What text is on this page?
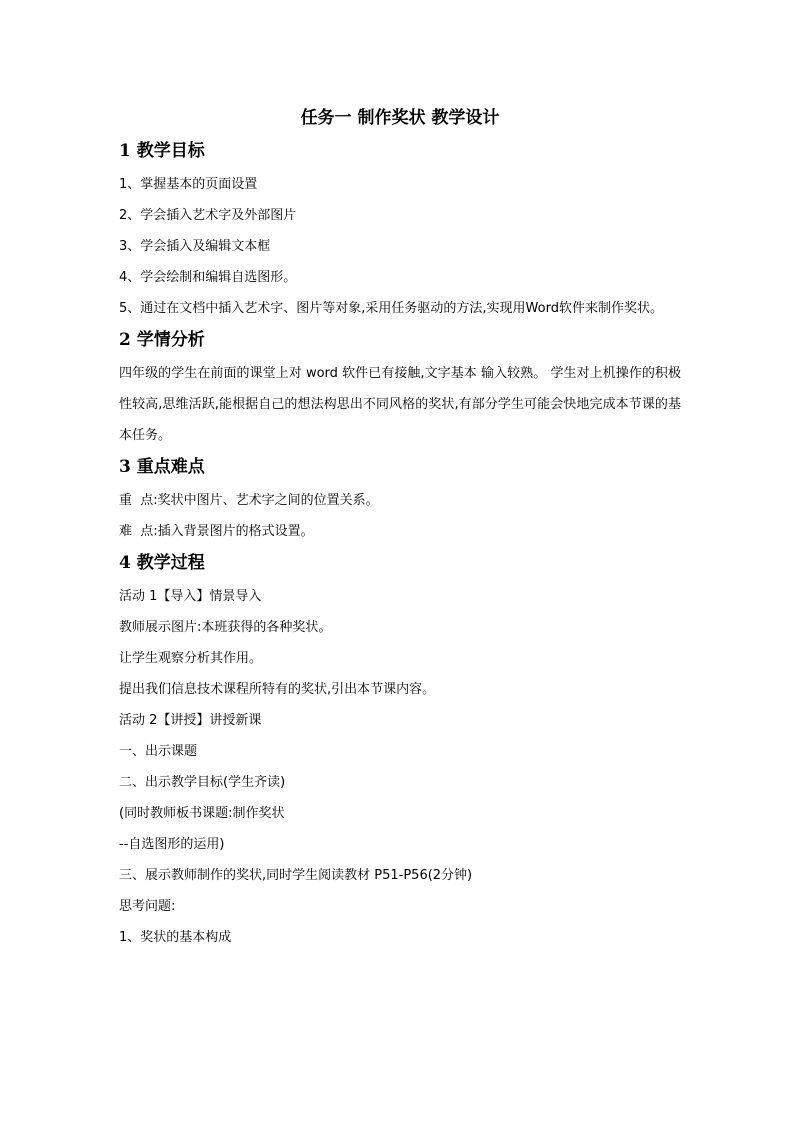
任务一 制作奖状 教学设计
1 教学目标

1、掌握基本的页面设置

2、学会插入艺术字及外部图片

3、学会插入及编辑文本框

4、学会绘制和编辑自选图形。

5、通过在文档中插入艺术字、图片等对象,采用任务驱动的方法,实现用Word软件来制作奖状。

2 学情分析

四年级的学生在前面的课堂上对 word 软件已有接触,文字基本 输入较熟。 学生对上机操作的积极性较高,思维活跃,能根据自己的想法构思出不同风格的奖状,有部分学生可能会快地完成本节课的基本任务。

3 重点难点

重  点:奖状中图片、艺术字之间的位置关系。

难  点:插入背景图片的格式设置。

4 教学过程

活动 1【导入】情景导入

教师展示图片:本班获得的各种奖状。

让学生观察分析其作用。

提出我们信息技术课程所特有的奖状,引出本节课内容。

活动 2【讲授】讲授新课

一、出示课题

二、出示教学目标(学生齐读)

(同时教师板书课题:制作奖状

--自选图形的运用)

三、展示教师制作的奖状,同时学生阅读教材 P51-P56(2分钟)

思考问题:

1、奖状的基本构成
